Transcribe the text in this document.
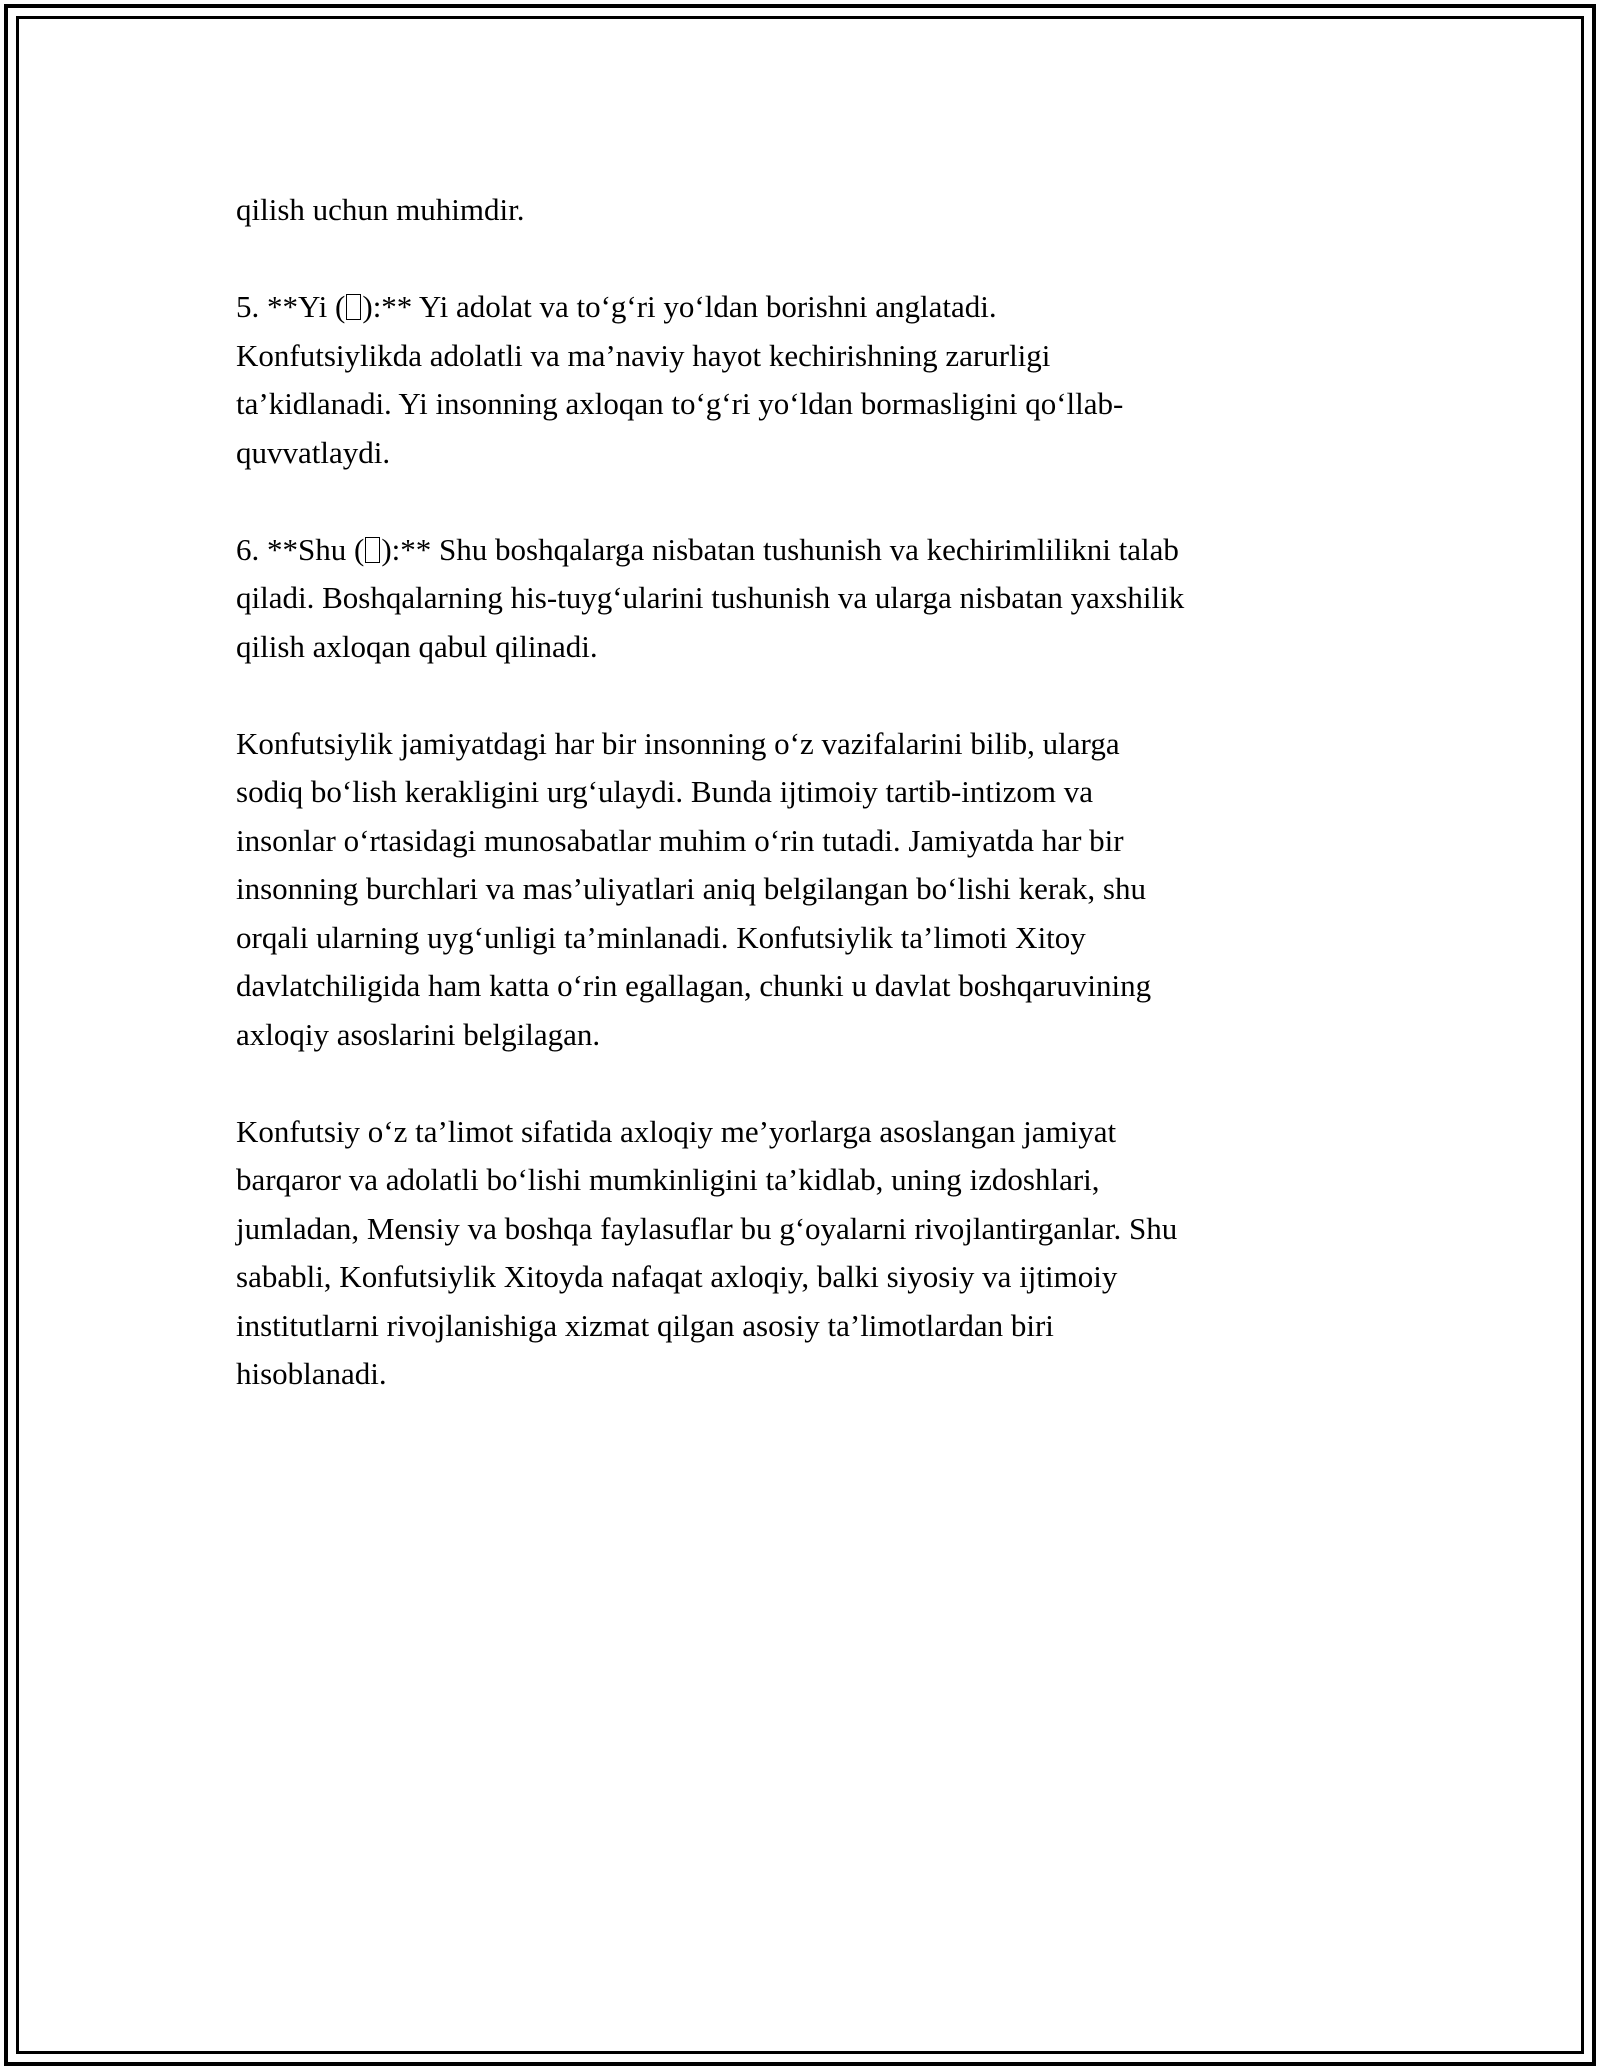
qilish uchun muhimdir.
5. **Yi ( ):** Yi adolat va to‘g‘ri yo‘ldan borishni anglatadi.
Konfutsiylikda adolatli va ma’naviy hayot kechirishning zarurligi
ta’kidlanadi. Yi insonning axloqan to‘g‘ri yo‘ldan bormasligini qo‘llab-
quvvatlaydi.
6. **Shu ( ):** Shu boshqalarga nisbatan tushunish va kechirimlilikni talab
qiladi. Boshqalarning his-tuyg‘ularini tushunish va ularga nisbatan yaxshilik
qilish axloqan qabul qilinadi.
Konfutsiylik jamiyatdagi har bir insonning o‘z vazifalarini bilib, ularga
sodiq bo‘lish kerakligini urg‘ulaydi. Bunda ijtimoiy tartib-intizom va
insonlar o‘rtasidagi munosabatlar muhim o‘rin tutadi. Jamiyatda har bir
insonning burchlari va mas’uliyatlari aniq belgilangan bo‘lishi kerak, shu
orqali ularning uyg‘unligi ta’minlanadi. Konfutsiylik ta’limoti Xitoy
davlatchiligida ham katta o‘rin egallagan, chunki u davlat boshqaruvining
axloqiy asoslarini belgilagan.
Konfutsiy o‘z ta’limot sifatida axloqiy me’yorlarga asoslangan jamiyat
barqaror va adolatli bo‘lishi mumkinligini ta’kidlab, uning izdoshlari,
jumladan, Mensiy va boshqa faylasuflar bu g‘oyalarni rivojlantirganlar. Shu
sababli, Konfutsiylik Xitoyda nafaqat axloqiy, balki siyosiy va ijtimoiy
institutlarni rivojlanishiga xizmat qilgan asosiy ta’limotlardan biri
hisoblanadi.
